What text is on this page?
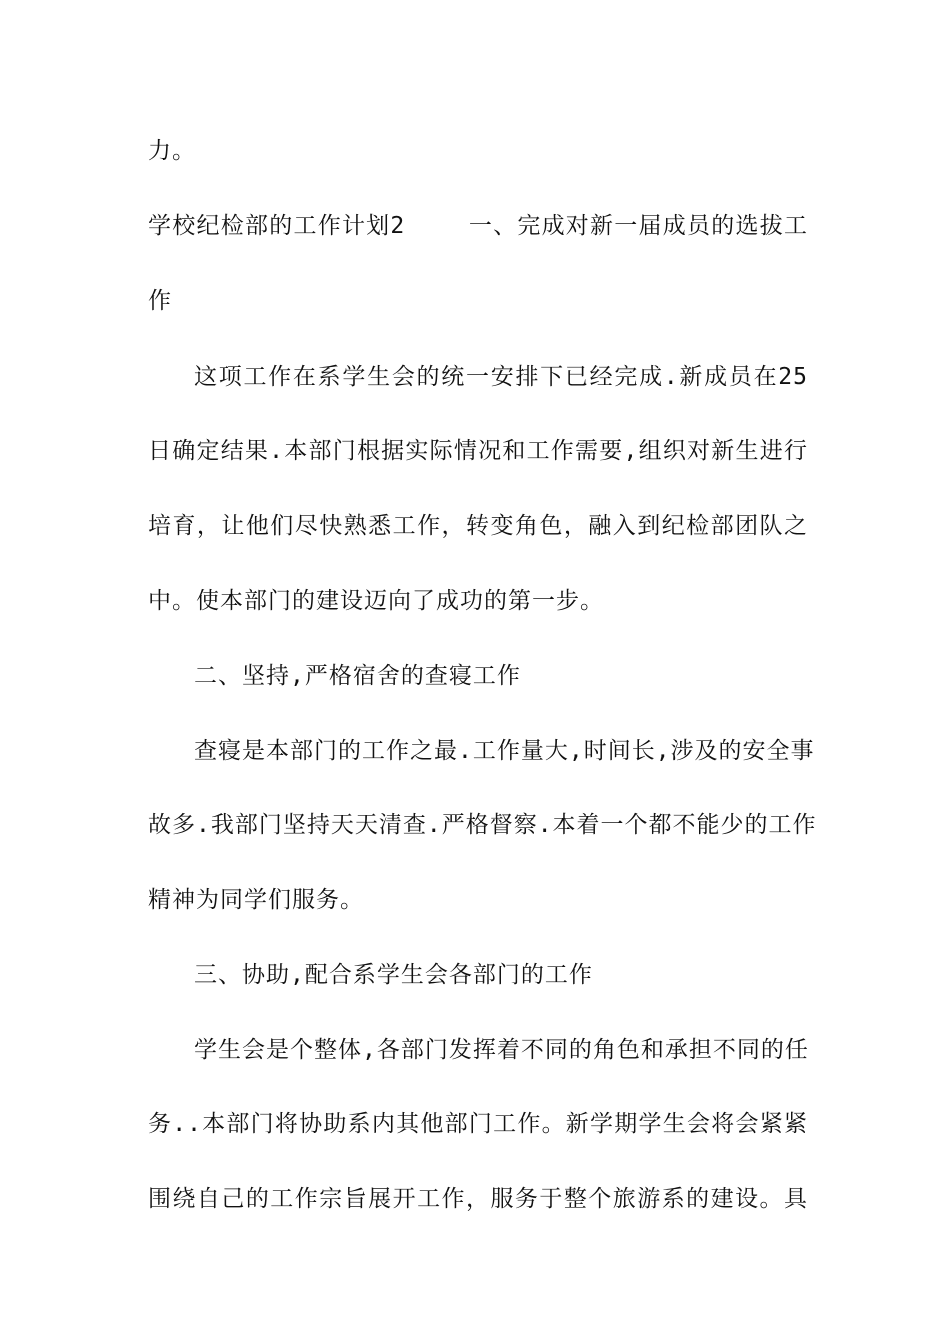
力。
学校纪检部的工作计划2 　　一、完成对新一届成员的选拔工
作
这项工作在系学生会的统一安排下已经完成.新成员在25
日确定结果.本部门根据实际情况和工作需要,组织对新生进行
培育，让他们尽快熟悉工作，转变角色，融入到纪检部团队之
中。使本部门的建设迈向了成功的第一步。
二、坚持,严格宿舍的查寝工作
查寝是本部门的工作之最.工作量大,时间长,涉及的安全事
故多.我部门坚持天天清查.严格督察.本着一个都不能少的工作
精神为同学们服务。
三、协助,配合系学生会各部门的工作
学生会是个整体,各部门发挥着不同的角色和承担不同的任
务..本部门将协助系内其他部门工作。新学期学生会将会紧紧
围绕自己的工作宗旨展开工作，服务于整个旅游系的建设。具
